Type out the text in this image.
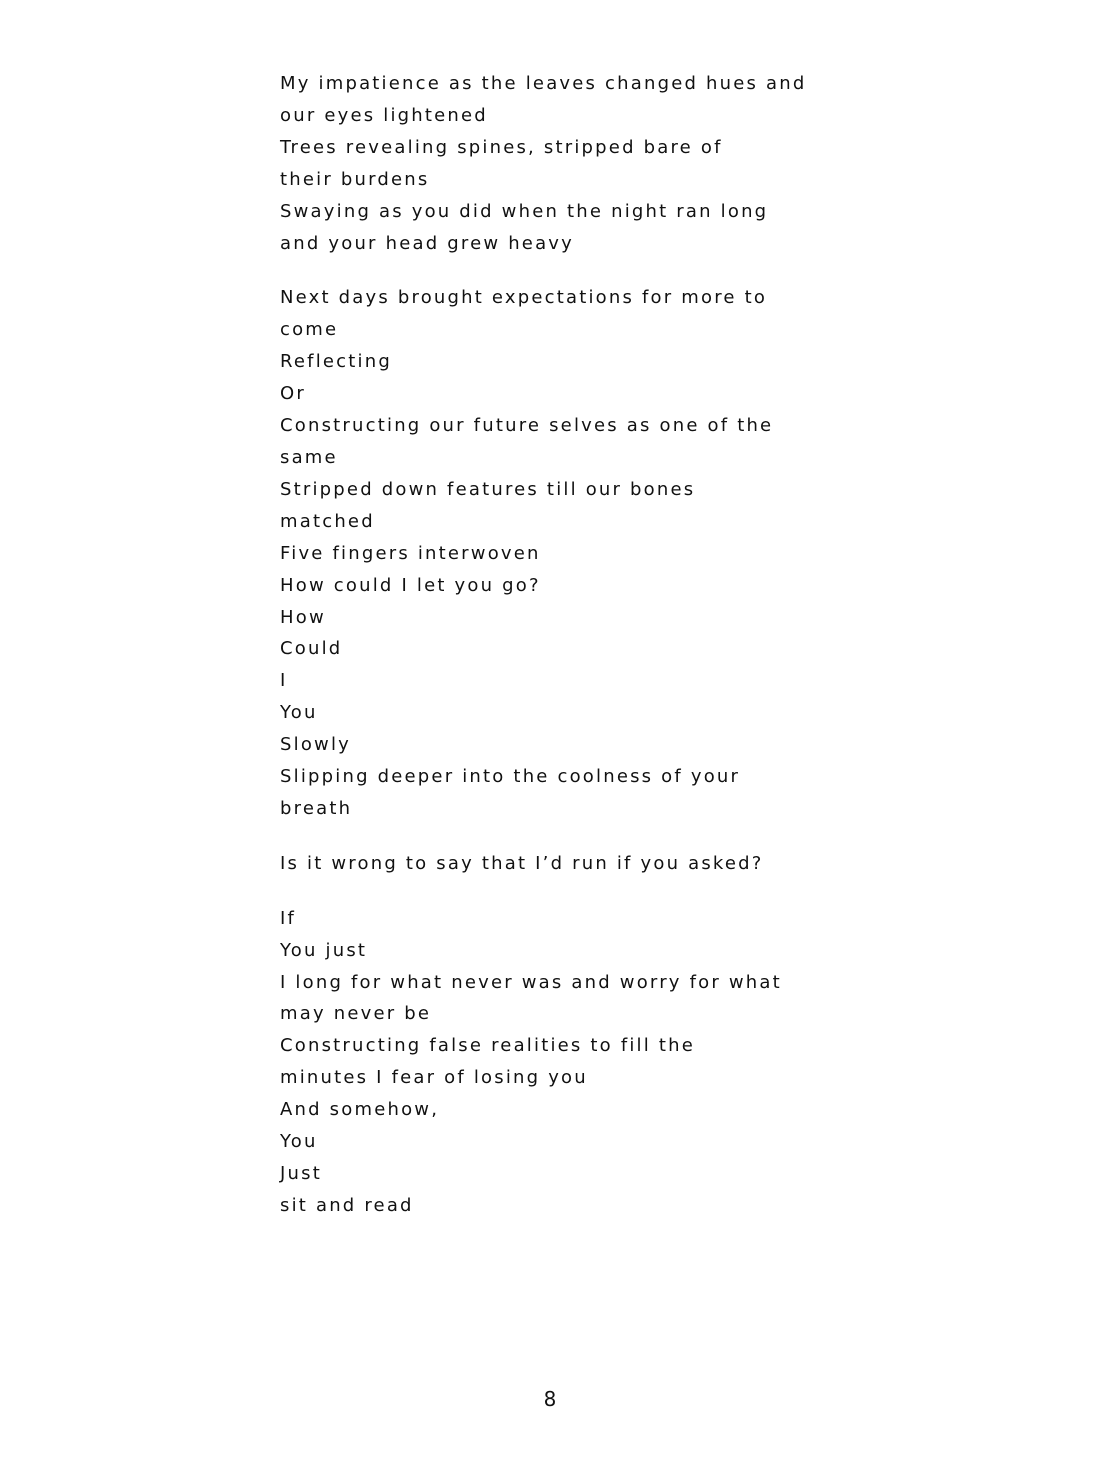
My impatience as the leaves changed hues and
our eyes lightened
Trees revealing spines, stripped bare of
their burdens
Swaying as you did when the night ran long
and your head grew heavy
Next days brought expectations for more to
come
Reflecting
Or
Constructing our future selves as one of the
same
Stripped down features till our bones
matched
Five fingers interwoven
How could I let you go?
How
Could
I
You
Slowly
Slipping deeper into the coolness of your
breath
Is it wrong to say that I’d run if you asked?
If
You just
I long for what never was and worry for what
may never be
Constructing false realities to fill the
minutes I fear of losing you
And somehow,
You
Just
sit and read
8
